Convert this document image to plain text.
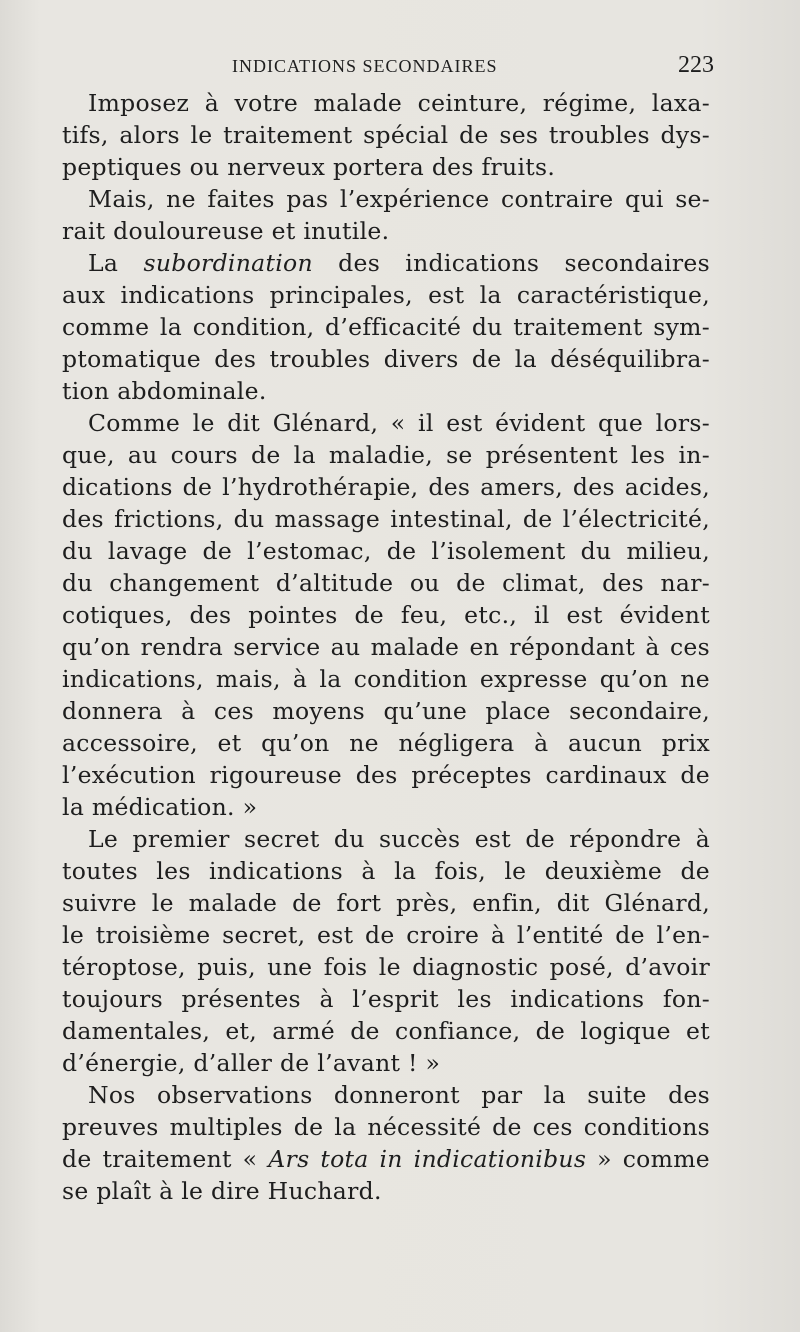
INDICATIONS SECONDAIRES	223
Imposez à votre malade ceinture, régime, laxa-
tifs, alors le traitement spécial de ses troubles dys-
peptiques ou nerveux portera des fruits.
Mais, ne faites pas l’expérience contraire qui se-
rait douloureuse et inutile.
La subordination des indications secondaires
aux indications principales, est la caractéristique,
comme la condition, d’efficacité du traitement sym-
ptomatique des troubles divers de la déséquilibra-
tion abdominale.
Comme le dit Glénard, « il est évident que lors-
que, au cours de la maladie, se présentent les in-
dications de l’hydrothérapie, des amers, des acides,
des frictions, du massage intestinal, de l’électricité,
du lavage de l’estomac, de l’isolement du milieu,
du changement d’altitude ou de climat, des nar-
cotiques, des pointes de feu, etc., il est évident
qu’on rendra service au malade en répondant à ces
indications, mais, à la condition expresse qu’on ne
donnera à ces moyens qu’une place secondaire,
accessoire, et qu’on ne négligera à aucun prix
l’exécution rigoureuse des préceptes cardinaux de
la médication. »
Le premier secret du succès est de répondre à
toutes les indications à la fois, le deuxième de
suivre le malade de fort près, enfin, dit Glénard,
le troisième secret, est de croire à l’entité de l’en-
téroptose, puis, une fois le diagnostic posé, d’avoir
toujours présentes à l’esprit les indications fon-
damentales, et, armé de confiance, de logique et
d’énergie, d’aller de l’avant ! »
Nos observations donneront par la suite des
preuves multiples de la nécessité de ces conditions
de traitement « Ars tota in indicationibus » comme
se plaît à le dire Huchard.
